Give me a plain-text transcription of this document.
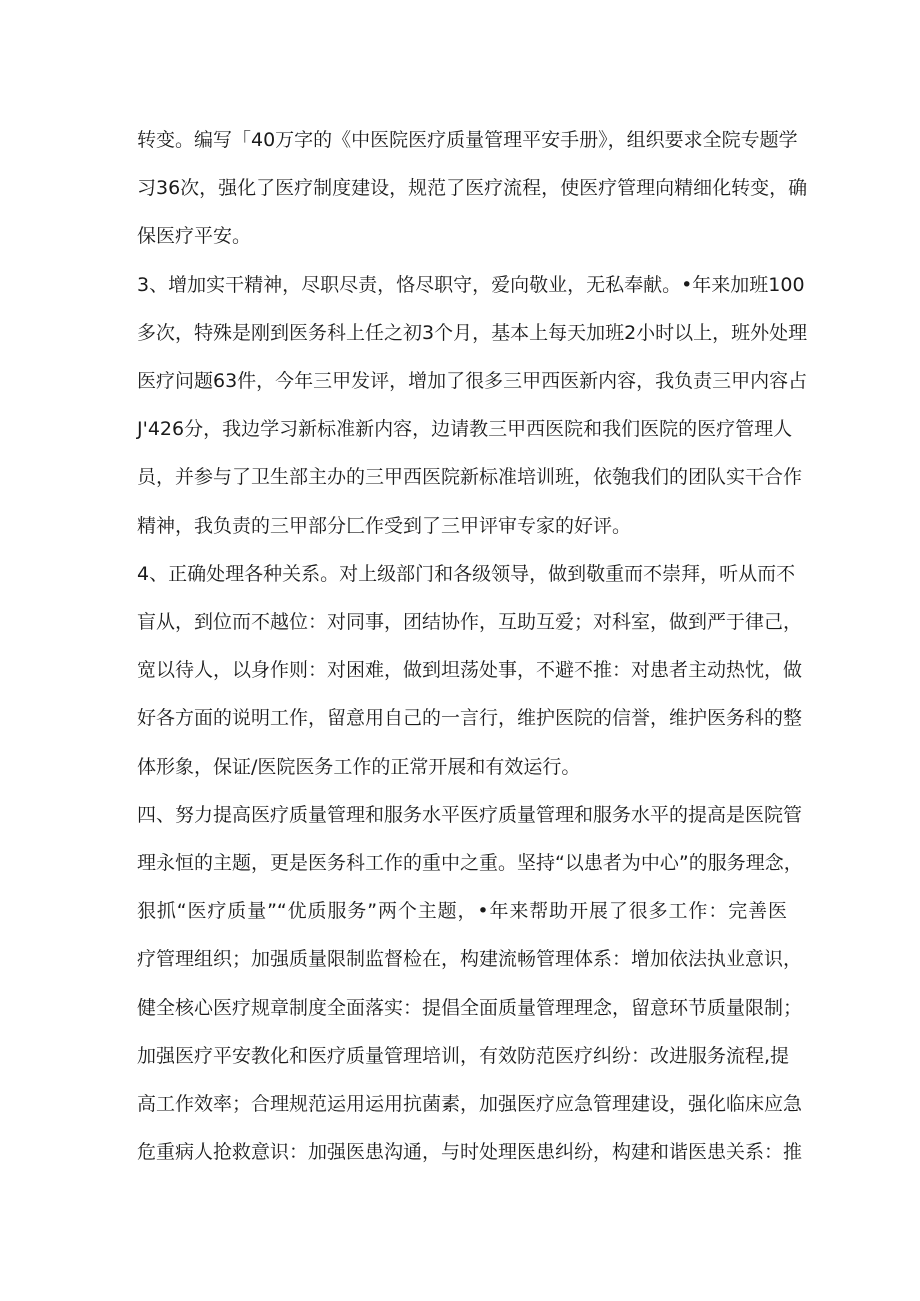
转变。编写「40万字的《中医院医疗质量管理平安手册》，组织要求全院专题学
习36次，强化了医疗制度建设，规范了医疗流程，使医疗管理向精细化转变，确
保医疗平安。
3、增加实干精神，尽职尽责，恪尽职守，爱向敬业，无私奉献。•年来加班100
多次，特殊是刚到医务科上任之初3个月，基本上每天加班2小时以上，班外处理
医疗问题63件，今年三甲发评，增加了很多三甲西医新内容，我负责三甲内容占
J'426分，我边学习新标准新内容，边请教三甲西医院和我们医院的医疗管理人
员，并参与了卫生部主办的三甲西医院新标准培训班，依匏我们的团队实干合作
精神，我负责的三甲部分匚作受到了三甲评审专家的好评。
4、正确处理各种关系。对上级部门和各级领导，做到敬重而不崇拜，听从而不
盲从，到位而不越位：对同事，团结协作，互助互爱；对科室，做到严于律己，
宽以待人，以身作则：对困难，做到坦荡处事，不避不推：对患者主动热忱，做
好各方面的说明工作，留意用自己的一言行，维护医院的信誉，维护医务科的整
体形象，保证/医院医务工作的正常开展和有效运行。
四、努力提高医疗质量管理和服务水平医疗质量管理和服务水平的提高是医院管
理永恒的主题，更是医务科工作的重中之重。坚持“以患者为中心”的服务理念，
狠抓“医疗质量”“优质服务”两个主题，•年来帮助开展了很多工作：完善医
疗管理组织；加强质量限制监督检在，构建流畅管理体系：增加依法执业意识，
健全核心医疗规章制度全面落实：提倡全面质量管理理念，留意环节质量限制；
加强医疗平安教化和医疗质量管理培训，有效防范医疗纠纷：改进服务流程,提
高工作效率；合理规范运用运用抗菌素，加强医疗应急管理建设，强化临床应急
危重病人抢救意识：加强医患沟通，与时处理医患纠纷，构建和谐医患关系：推
